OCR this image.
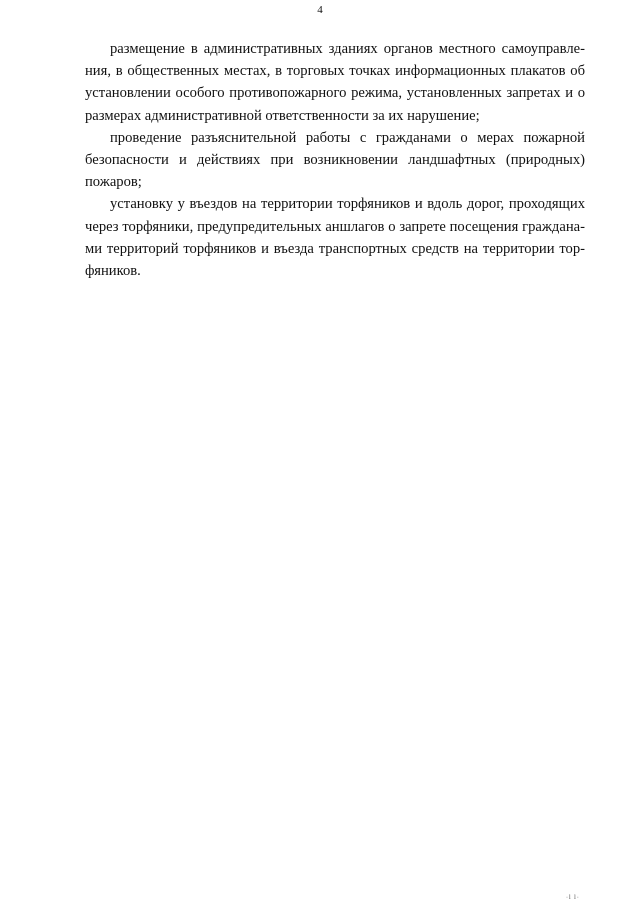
4

размещение в административных зданиях органов местного самоуправления, в общественных местах, в торговых точках информационных плакатов об установлении особого противопожарного режима, установленных запретах и о размерах административной ответственности за их нарушение;

проведение разъяснительной работы с гражданами о мерах пожарной безопасности и действиях при возникновении ландшафтных (природных) пожаров;

установку у въездов на территории торфяников и вдоль дорог, проходящих через торфяники, предупредительных аншлагов о запрете посещения гражданами территорий торфяников и въезда транспортных средств на территории торфяников.

·l l·
